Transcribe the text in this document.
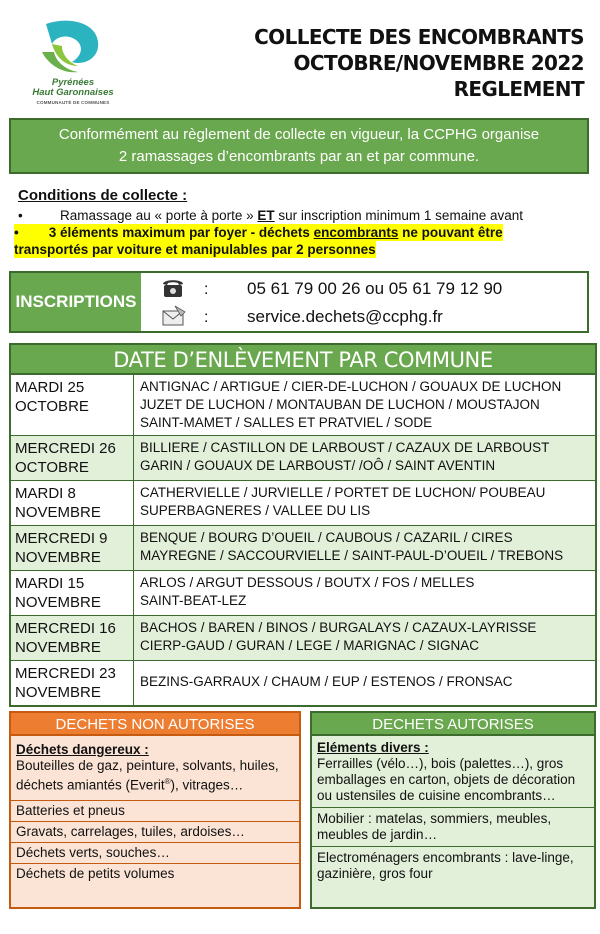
Pyrénées
Haut Garonnaises
COMMUNAUTÉ DE COMMUNES
COLLECTE DES ENCOMBRANTS
OCTOBRE/NOVEMBRE 2022
REGLEMENT
Conformément au règlement de collecte en vigueur, la CCPHG organise
2 ramassages d’encombrants par an et par commune.
Conditions de collecte :
•	Ramassage au « porte à porte » ET sur inscription minimum 1 semaine avant
• 3 éléments maximum par foyer - déchets encombrants ne pouvant être
transportés par voiture et manipulables par 2 personnes
INSCRIPTIONS
:
:
05 61 79 00 26 ou 05 61 79 12 90
service.dechets@ccphg.fr
DATE D’ENLÈVEMENT PAR COMMUNE
MARDI 25
OCTOBRE
ANTIGNAC / ARTIGUE / CIER-DE-LUCHON / GOUAUX DE LUCHON
JUZET DE LUCHON / MONTAUBAN DE LUCHON / MOUSTAJON
SAINT-MAMET / SALLES ET PRATVIEL / SODE
MERCREDI 26
OCTOBRE
BILLIERE / CASTILLON DE LARBOUST / CAZAUX DE LARBOUST
GARIN / GOUAUX DE LARBOUST/ /OÔ / SAINT AVENTIN
MARDI 8
NOVEMBRE
CATHERVIELLE / JURVIELLE / PORTET DE LUCHON/ POUBEAU
SUPERBAGNERES / VALLEE DU LIS
MERCREDI 9
NOVEMBRE
BENQUE / BOURG D’OUEIL / CAUBOUS / CAZARIL / CIRES
MAYREGNE / SACCOURVIELLE / SAINT-PAUL-D’OUEIL / TREBONS
MARDI 15
NOVEMBRE
ARLOS / ARGUT DESSOUS / BOUTX / FOS / MELLES
SAINT-BEAT-LEZ
MERCREDI 16
NOVEMBRE
BACHOS / BAREN / BINOS / BURGALAYS / CAZAUX-LAYRISSE
CIERP-GAUD / GURAN / LEGE / MARIGNAC / SIGNAC
MERCREDI 23
NOVEMBRE
BEZINS-GARRAUX / CHAUM / EUP / ESTENOS / FRONSAC
DECHETS NON AUTORISES
Déchets dangereux :
Bouteilles de gaz, peinture, solvants, huiles, déchets amiantés (Everit®), vitrages…
Batteries et pneus
Gravats, carrelages, tuiles, ardoises…
Déchets verts, souches…
Déchets de petits volumes
DECHETS AUTORISES
Eléments divers :
Ferrailles (vélo…), bois (palettes…), gros emballages en carton, objets de décoration ou ustensiles de cuisine encombrants…
Mobilier : matelas, sommiers, meubles, meubles de jardin…
Electroménagers encombrants : lave-linge, gazinière, gros four
